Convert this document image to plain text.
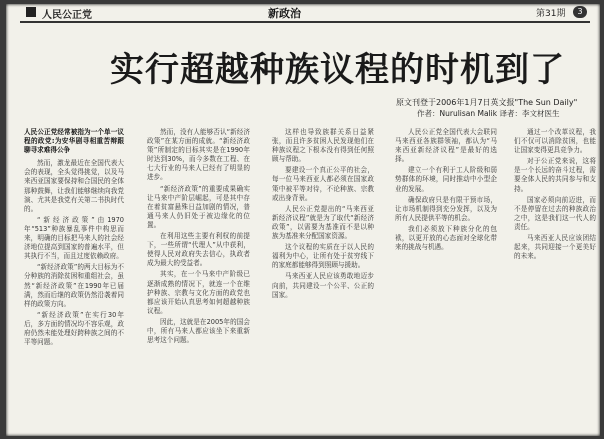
人民公正党	新政治	第31期	3
实行超越种族议程的时机到了
原文刊登于2006年1月7日英文报"The Sun Daily"
作者：Nurulisan Malik 译者：李文材医生

人民公正党经常被指为一个单一议程的政党:为安华剧寻相重苦辩跟聊寻求难得公争

然而，激龙最近在全国代表大会的表现，全头觉得挑觉，以及马来西亚国家要保持和合国民的全体那种鼓舞，让我们能够继续向我党演、尤其是我党有关第二书执时代的。

“新经济政策”由1970年“513”种族暴乱事件中构思而来，明确的目标把马来人的社会经济地位提高到国家的普遍水平，但其执行不当，而且过度依赖政府。

“新经济政策”的两大目标为不分种族的消除贫困和重组社会，虽然“新经济政策”在1990年已届满，然而后继的政策仍然沿袭着同样的政策方向。

“新经济政策”在实行30年后，多方面的情况均不容乐观，政府仍然未能处理好跨种族之间的不平等问题。

然而，没有人能够否认“新经济政策”在某方面的成就。“新经济政策”所制定的目标其实是在1990年时达到30%，而今多数在工程、在七大行业的马来人已经有了明显的进步。

“新经济政策”的重要成果确实让马来中产阶层崛起，可是其中存在着贫富悬殊日益加剧的情况，普通马来人仍旧处于被边缘化的位置。

在利用这些主要有利权的前提下，一些所谓“代理人”从中获利，使得人民对政府失去信心，执政者成为最大的受益者。

其实，在一个马来中产阶级已逐渐成熟的情况下，就连一个在维护种族、宗教与文化方面的政党也都应该开始认真思考如何超越种族议程。

因此，这就是在2005年的国会中，所有马来人都应该坐下来重新思考这个问题。

这样也导致族群关系日益紧张，而且许多贫困人民发现他们在种族议程之下根本没有得到任何照顾与帮助。

要建设一个真正公平的社会，每一位马来西亚人都必须在国家政策中被平等对待，不论种族、宗教或出身背景。

人民公正党提出的“马来西亚新经济议程”就是为了取代“新经济政策”，以需要为基准而不是以种族为基准来分配国家资源。

这个议程的实质在于以人民的福利为中心，让所有处于贫穷线下的家庭都能够得到照顾与援助。

马来西亚人民应该勇敢地迈步向前，共同建设一个公平、公正的国家。

人民公正党全国代表大会联同马来西亚各族群领袖，都认为“马来西亚新经济议程”是最好的选择。

建立一个有利于工人阶级和弱势群体的环境，同时推动中小型企业的发展。

确保政府只是有限干预市场，让市场机制得到充分发挥，以及为所有人民提供平等的机会。

我们必须放下种族分化的包袱，以更开放的心态面对全球化带来的挑战与机遇。

通过一个改革议程，我们不仅可以消除贫困，也能让国家变得更具竞争力。

对于公正党来说，这将是一个长远的奋斗过程，需要全体人民的共同参与和支持。

国家必须向前迈进，而不是停留在过去的种族政治之中，这是我们这一代人的责任。

马来西亚人民应该团结起来，共同迎接一个更美好的未来。
